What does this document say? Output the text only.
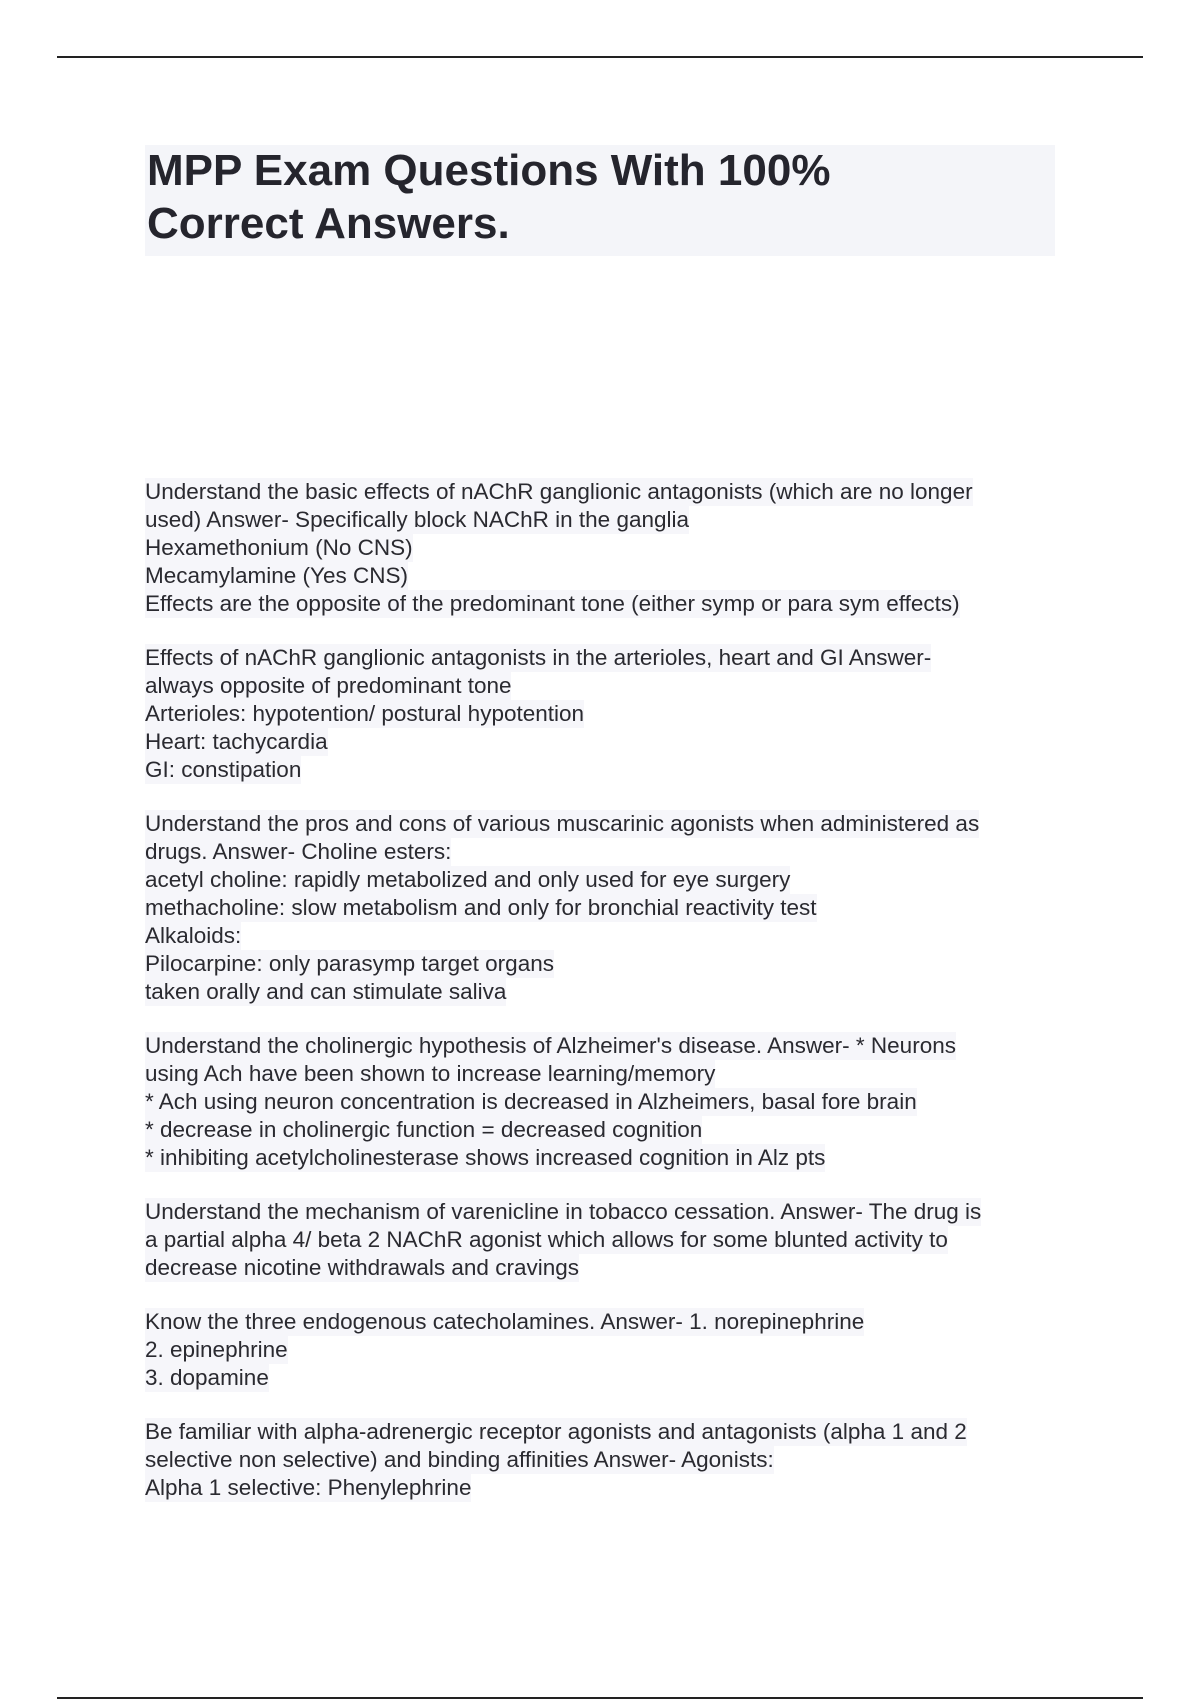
MPP Exam Questions With 100%
Correct Answers.
Understand the basic effects of nAChR ganglionic antagonists (which are no longer
used) Answer- Specifically block NAChR in the ganglia
Hexamethonium (No CNS)
Mecamylamine (Yes CNS)
Effects are the opposite of the predominant tone (either symp or para sym effects)
Effects of nAChR ganglionic antagonists in the arterioles, heart and GI Answer-
always opposite of predominant tone
Arterioles: hypotention/ postural hypotention
Heart: tachycardia
GI: constipation
Understand the pros and cons of various muscarinic agonists when administered as
drugs. Answer- Choline esters:
acetyl choline: rapidly metabolized and only used for eye surgery
methacholine: slow metabolism and only for bronchial reactivity test
Alkaloids:
Pilocarpine: only parasymp target organs
taken orally and can stimulate saliva
Understand the cholinergic hypothesis of Alzheimer's disease. Answer- * Neurons
using Ach have been shown to increase learning/memory
* Ach using neuron concentration is decreased in Alzheimers, basal fore brain
* decrease in cholinergic function = decreased cognition
* inhibiting acetylcholinesterase shows increased cognition in Alz pts
Understand the mechanism of varenicline in tobacco cessation. Answer- The drug is
a partial alpha 4/ beta 2 NAChR agonist which allows for some blunted activity to
decrease nicotine withdrawals and cravings
Know the three endogenous catecholamines. Answer- 1. norepinephrine
2. epinephrine
3. dopamine
Be familiar with alpha-adrenergic receptor agonists and antagonists (alpha 1 and 2
selective non selective) and binding affinities Answer- Agonists:
Alpha 1 selective: Phenylephrine
